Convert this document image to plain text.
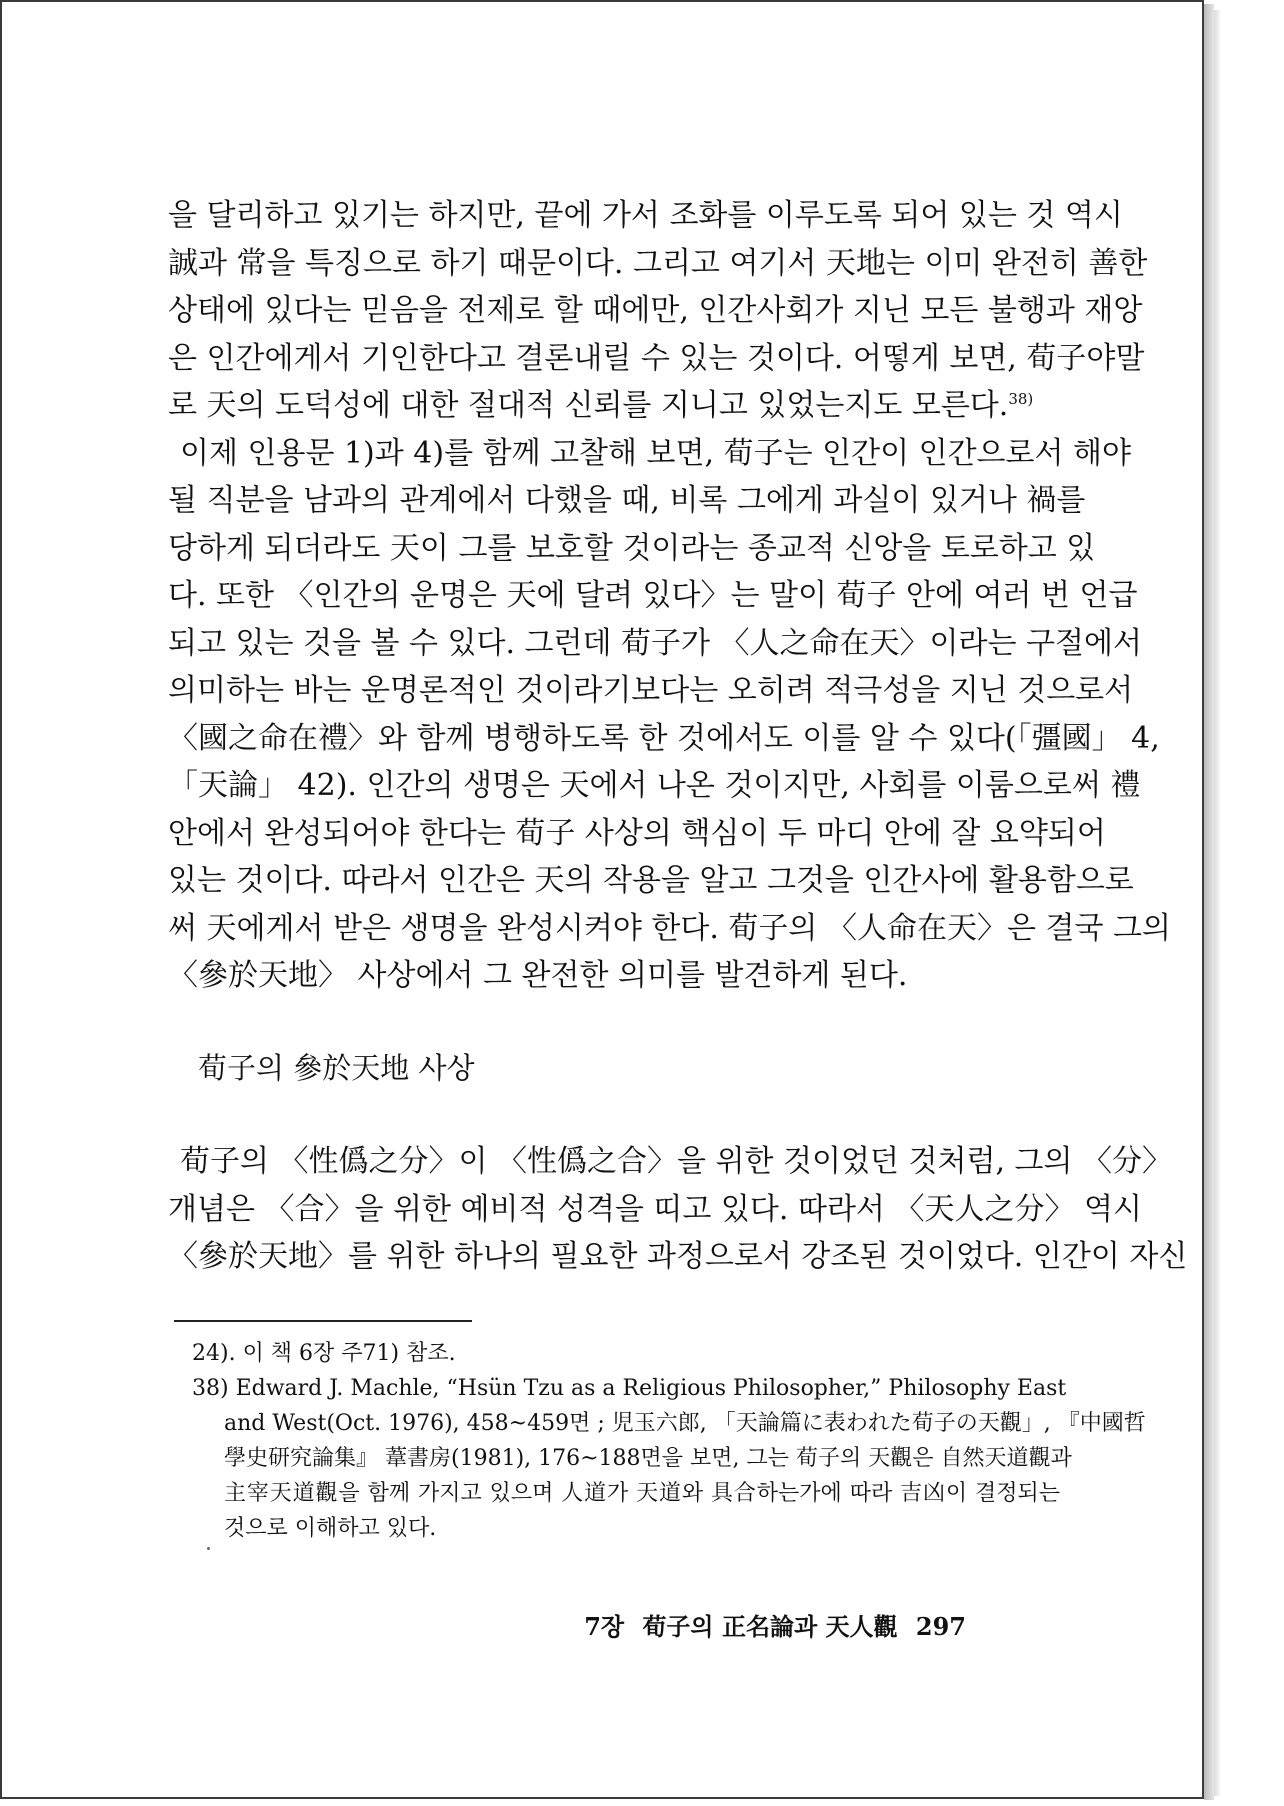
을 달리하고 있기는 하지만, 끝에 가서 조화를 이루도록 되어 있는 것 역시
誠과 常을 특징으로 하기 때문이다. 그리고 여기서 天地는 이미 완전히 善한
상태에 있다는 믿음을 전제로 할 때에만, 인간사회가 지닌 모든 불행과 재앙
은 인간에게서 기인한다고 결론내릴 수 있는 것이다. 어떻게 보면, 荀子야말
로 天의 도덕성에 대한 절대적 신뢰를 지니고 있었는지도 모른다.$^{38)}$
이제 인용문 1)과 4)를 함께 고찰해 보면, 荀子는 인간이 인간으로서 해야
될 직분을 남과의 관계에서 다했을 때, 비록 그에게 과실이 있거나 禍를
당하게 되더라도 天이 그를 보호할 것이라는 종교적 신앙을 토로하고 있
다. 또한 〈인간의 운명은 天에 달려 있다〉는 말이 荀子 안에 여러 번 언급
되고 있는 것을 볼 수 있다. 그런데 荀子가 〈人之命在天〉이라는 구절에서
의미하는 바는 운명론적인 것이라기보다는 오히려 적극성을 지닌 것으로서
〈國之命在禮〉와 함께 병행하도록 한 것에서도 이를 알 수 있다(「彊國」 4,
「天論」 42). 인간의 생명은 天에서 나온 것이지만, 사회를 이룸으로써 禮
안에서 완성되어야 한다는 荀子 사상의 핵심이 두 마디 안에 잘 요약되어
있는 것이다. 따라서 인간은 天의 작용을 알고 그것을 인간사에 활용함으로
써 天에게서 받은 생명을 완성시켜야 한다. 荀子의 〈人命在天〉은 결국 그의
〈參於天地〉 사상에서 그 완전한 의미를 발견하게 된다.
荀子의 參於天地 사상
荀子의 〈性僞之分〉이 〈性僞之合〉을 위한 것이었던 것처럼, 그의 〈分〉
개념은 〈合〉을 위한 예비적 성격을 띠고 있다. 따라서 〈天人之分〉 역시
〈參於天地〉를 위한 하나의 필요한 과정으로서 강조된 것이었다. 인간이 자신
24). 이 책 6장 주71) 참조.
38) Edward J. Machle, “Hsün Tzu as a Religious Philosopher,” Philosophy East
and West(Oct. 1976), 458~459면 ; 児玉六郎, 「天論篇に表われた荀子の天觀」, 『中國哲
學史研究論集』 葦書房(1981), 176~188면을 보면, 그는 荀子의 天觀은 自然天道觀과
主宰天道觀을 함께 가지고 있으며 人道가 天道와 具合하는가에 따라 吉凶이 결정되는
것으로 이해하고 있다.
7장 荀子의 正名論과 天人觀 297
